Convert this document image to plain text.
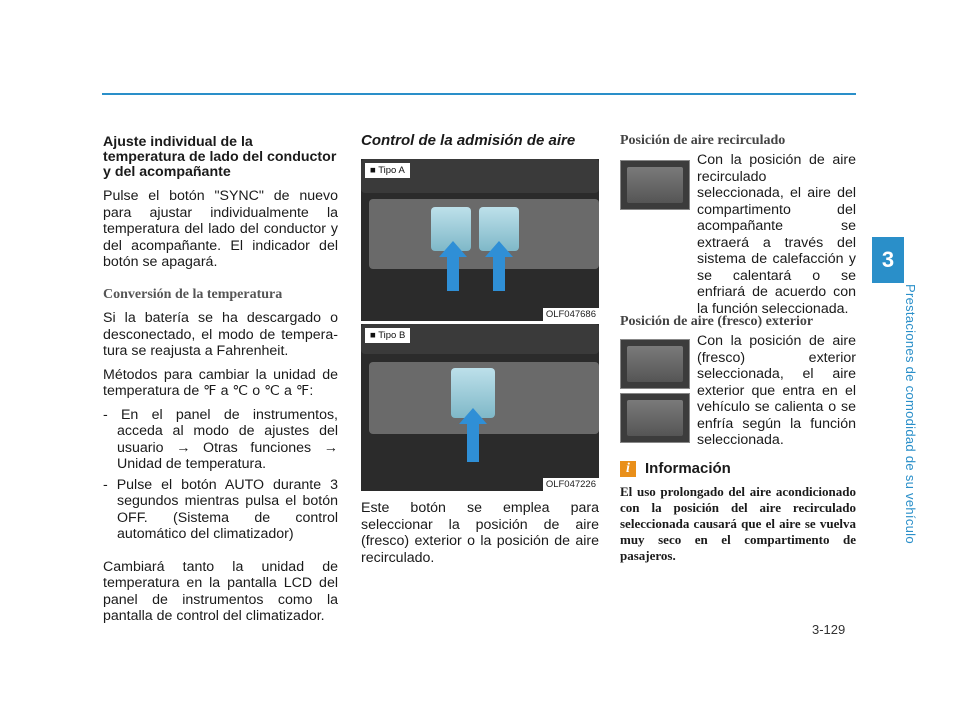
3
Prestaciones de comodidad de su vehículo

Ajuste individual de la temperatura de lado del conductor y del acompañante

Pulse el botón "SYNC" de nuevo para ajustar individualmente la temperatura del lado del conductor y del acompañante. El indicador del botón se apagará.

Conversión de la temperatura

Si la batería se ha descargado o desconectado, el modo de tempera- tura se reajusta a Fahrenheit.

Métodos para cambiar la unidad de temperatura de ℉ a ℃ o ℃ a ℉:

- En el panel de instrumentos, acceda al modo de ajustes del usuario → Otras funciones → Unidad de temperatura.

- Pulse el botón AUTO durante 3 segundos mientras pulsa el botón OFF. (Sistema de control automático del climatizador)

Cambiará tanto la unidad de temperatura en la pantalla LCD del panel de instrumentos como la pantalla de control del climatizador.

Control de la admisión de aire
■ Tipo A
OLF047686
■ Tipo B
OLF047226

Este botón se emplea para seleccionar la posición de aire (fresco) exterior o la posición de aire recirculado.

Posición de aire recirculado

Con la posición de aire recirculado seleccionada, el aire del compartimento del acompañante se extraerá a través del sistema de calefacción y se calentará o se enfriará de acuerdo con la función seleccionada.

Posición de aire (fresco) exterior

Con la posición de aire (fresco) exterior seleccionada, el aire exterior que entra en el vehículo se calienta o se enfría según la función seleccionada.

i	Información
El uso prolongado del aire acondicionado con la posición del aire recirculado seleccionada causará que el aire se vuelva muy seco en el compartimento de pasajeros.
3-129
